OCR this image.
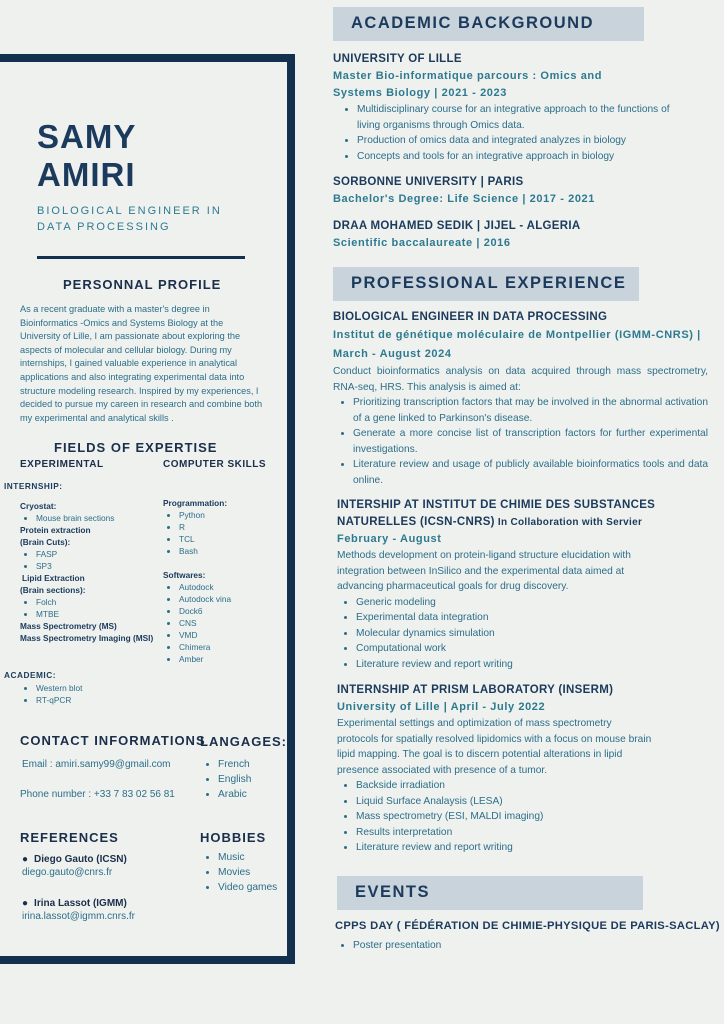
SAMY
AMIRI
BIOLOGICAL ENGINEER IN
DATA PROCESSING
PERSONNAL PROFILE
As a recent graduate with a master's degree in Bioinformatics -Omics and Systems Biology at the University of Lille, I am passionate about exploring the aspects of molecular and cellular biology. During my internships, I gained valuable experience in analytical applications and also integrating experimental data into structure modeling research. Inspired by my experiences, I decided to pursue my careen in research and combine both my experimental and analytical skills .
FIELDS OF EXPERTISE
EXPERIMENTAL	COMPUTER SKILLS
INTERNSHIP:
Cryostat:
• Mouse brain sections
Protein extraction
(Brain Cuts):
• FASP
• SP3
Lipid Extraction
(Brain sections):
• Folch
• MTBE
Mass Spectrometry (MS)
Mass Spectrometry Imaging (MSI)
ACADEMIC:
• Western blot
• RT-qPCR
Programmation:
• Python
• R
• TCL
• Bash
Softwares:
• Autodock
• Autodock vina
• Dock6
• CNS
• VMD
• Chimera
• Amber
CONTACT INFORMATIONS
Email : amiri.samy99@gmail.com
Phone number : +33 7 83 02 56 81
LANGAGES:
• French
• English
• Arabic
REFERENCES
● Diego Gauto (ICSN)
diego.gauto@cnrs.fr
● Irina Lassot (IGMM)
irina.lassot@igmm.cnrs.fr
HOBBIES
• Music
• Movies
• Video games
ACADEMIC BACKGROUND
UNIVERSITY OF LILLE
Master Bio-informatique parcours : Omics and
Systems Biology | 2021 - 2023
• Multidisciplinary course for an integrative approach to the functions of living organisms through Omics data.
• Production of omics data and integrated analyzes in biology
• Concepts and tools for an integrative approach in biology
SORBONNE UNIVERSITY | PARIS
Bachelor's Degree: Life Science | 2017 - 2021
DRAA MOHAMED SEDIK | JIJEL - ALGERIA
Scientific baccalaureate | 2016
PROFESSIONAL EXPERIENCE
BIOLOGICAL ENGINEER IN DATA PROCESSING
Institut de génétique moléculaire de Montpellier (IGMM-CNRS) |
March - August 2024
Conduct bioinformatics analysis on data acquired through mass spectrometry, RNA-seq, HRS. This analysis is aimed at:
• Prioritizing transcription factors that may be involved in the abnormal activation of a gene linked to Parkinson's disease.
• Generate a more concise list of transcription factors for further experimental investigations.
• Literature review and usage of publicly available bioinformatics tools and data online.
INTERSHIP AT INSTITUT DE CHIMIE DES SUBSTANCES
NATURELLES (ICSN-CNRS) In Collaboration with Servier
February - August
Methods development on protein-ligand structure elucidation with integration between InSilico and the experimental data aimed at advancing pharmaceutical goals for drug discovery.
• Generic modeling
• Experimental data integration
• Molecular dynamics simulation
• Computational work
• Literature review and report writing
INTERNSHIP AT PRISM LABORATORY (INSERM)
University of Lille | April - July 2022
Experimental settings and optimization of mass spectrometry protocols for spatially resolved lipidomics with a focus on mouse brain lipid mapping. The goal is to discern potential alterations in lipid presence associated with presence of a tumor.
• Backside irradiation
• Liquid Surface Analaysis (LESA)
• Mass spectrometry (ESI, MALDI imaging)
• Results interpretation
• Literature review and report writing
EVENTS
CPPS DAY ( FÉDÉRATION DE CHIMIE-PHYSIQUE DE PARIS-SACLAY)
• Poster presentation
